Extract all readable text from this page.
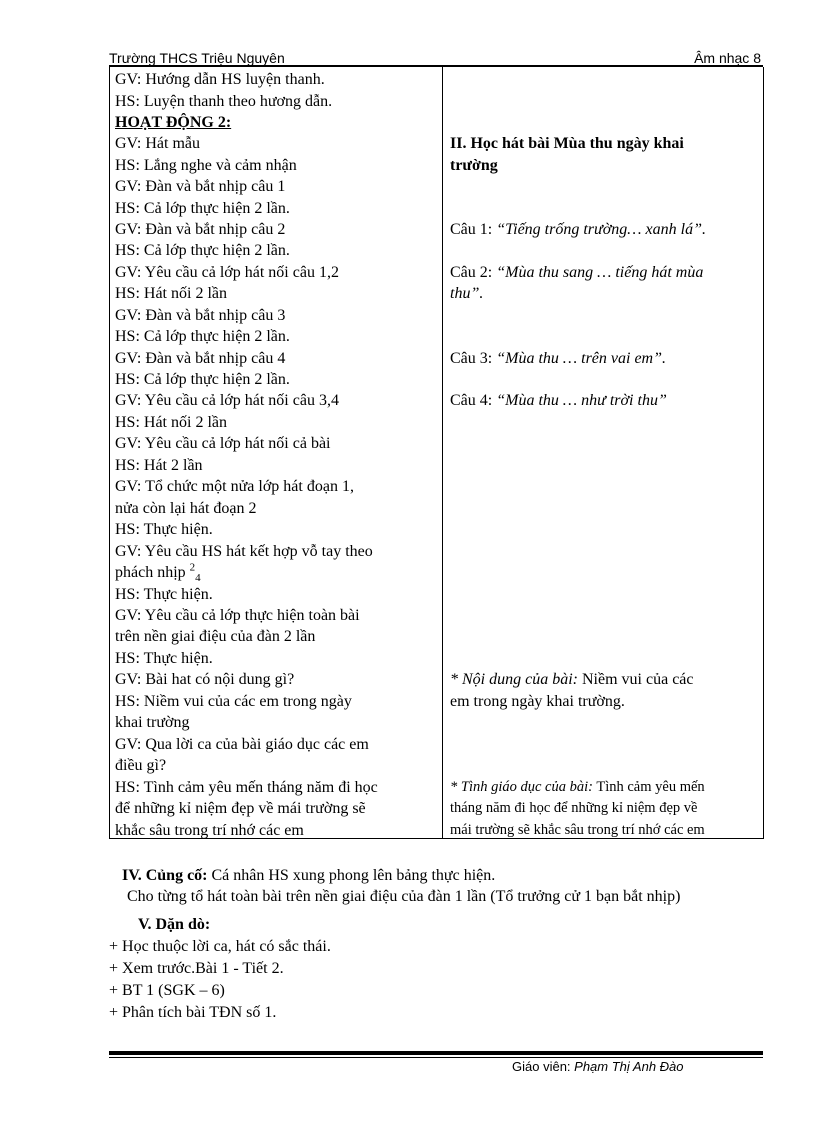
Trường THCS Triệu Nguyên	Âm nhạc 8
GV: Hướng dẫn HS luyện thanh.
HS: Luyện thanh theo hương dẫn.
HOẠT ĐỘNG 2:
GV: Hát mẫu
HS: Lắng nghe và cảm nhận
GV: Đàn và bắt nhịp câu 1
HS: Cả lớp thực hiện 2 lần.
GV: Đàn và bắt nhịp câu 2
HS: Cả lớp thực hiện 2 lần.
GV: Yêu cầu cả lớp hát nối câu 1,2
HS: Hát nối 2 lần
GV: Đàn và bắt nhịp câu 3
HS: Cả lớp thực hiện 2 lần.
GV: Đàn và bắt nhịp câu 4
HS: Cả lớp thực hiện 2 lần.
GV: Yêu cầu cả lớp hát nối câu 3,4
HS: Hát nối 2 lần
GV: Yêu cầu cả lớp hát nối cả bài
HS: Hát 2 lần
GV: Tổ chức một nửa lớp hát đoạn 1,
nửa còn lại hát đoạn 2
HS: Thực hiện.
GV: Yêu cầu HS hát kết hợp vỗ tay theo
phách nhịp $^2_4$
HS: Thực hiện.
GV: Yêu cầu cả lớp thực hiện toàn bài
trên nền giai điệu của đàn 2 lần
HS: Thực hiện.
GV: Bài hat có nội dung gì?
HS: Niềm vui của các em trong ngày
khai trường
GV: Qua lời ca của bài giáo dục các em
điều gì?
HS: Tình cảm yêu mến tháng năm đi học
để những kỉ niệm đẹp về mái trường sẽ
khắc sâu trong trí nhớ các em
II. Học hát bài Mùa thu ngày khai
trường
Câu 1: “Tiếng trống trường… xanh lá”.
Câu 2: “Mùa thu sang … tiếng hát mùa
thu”.
Câu 3: “Mùa thu … trên vai em”.
Câu 4: “Mùa thu … như trời thu”
* Nội dung của bài: Niềm vui của các
em trong ngày khai trường.
* Tình giáo dục của bài: Tình cảm yêu mến
tháng năm đi học để những kỉ niệm đẹp về
mái trường sẽ khắc sâu trong trí nhớ các em
IV. Củng cố: Cá nhân HS xung phong lên bảng thực hiện.
Cho từng tổ hát toàn bài trên nền giai điệu của đàn 1 lần (Tổ trưởng cử 1 bạn bắt nhịp)
V. Dặn dò:
+ Học thuộc lời ca, hát có sắc thái.
+ Xem trước.Bài 1 - Tiết 2.
+ BT 1 (SGK – 6)
+ Phân tích bài TĐN số 1.
Giáo viên: Phạm Thị Anh Đào
